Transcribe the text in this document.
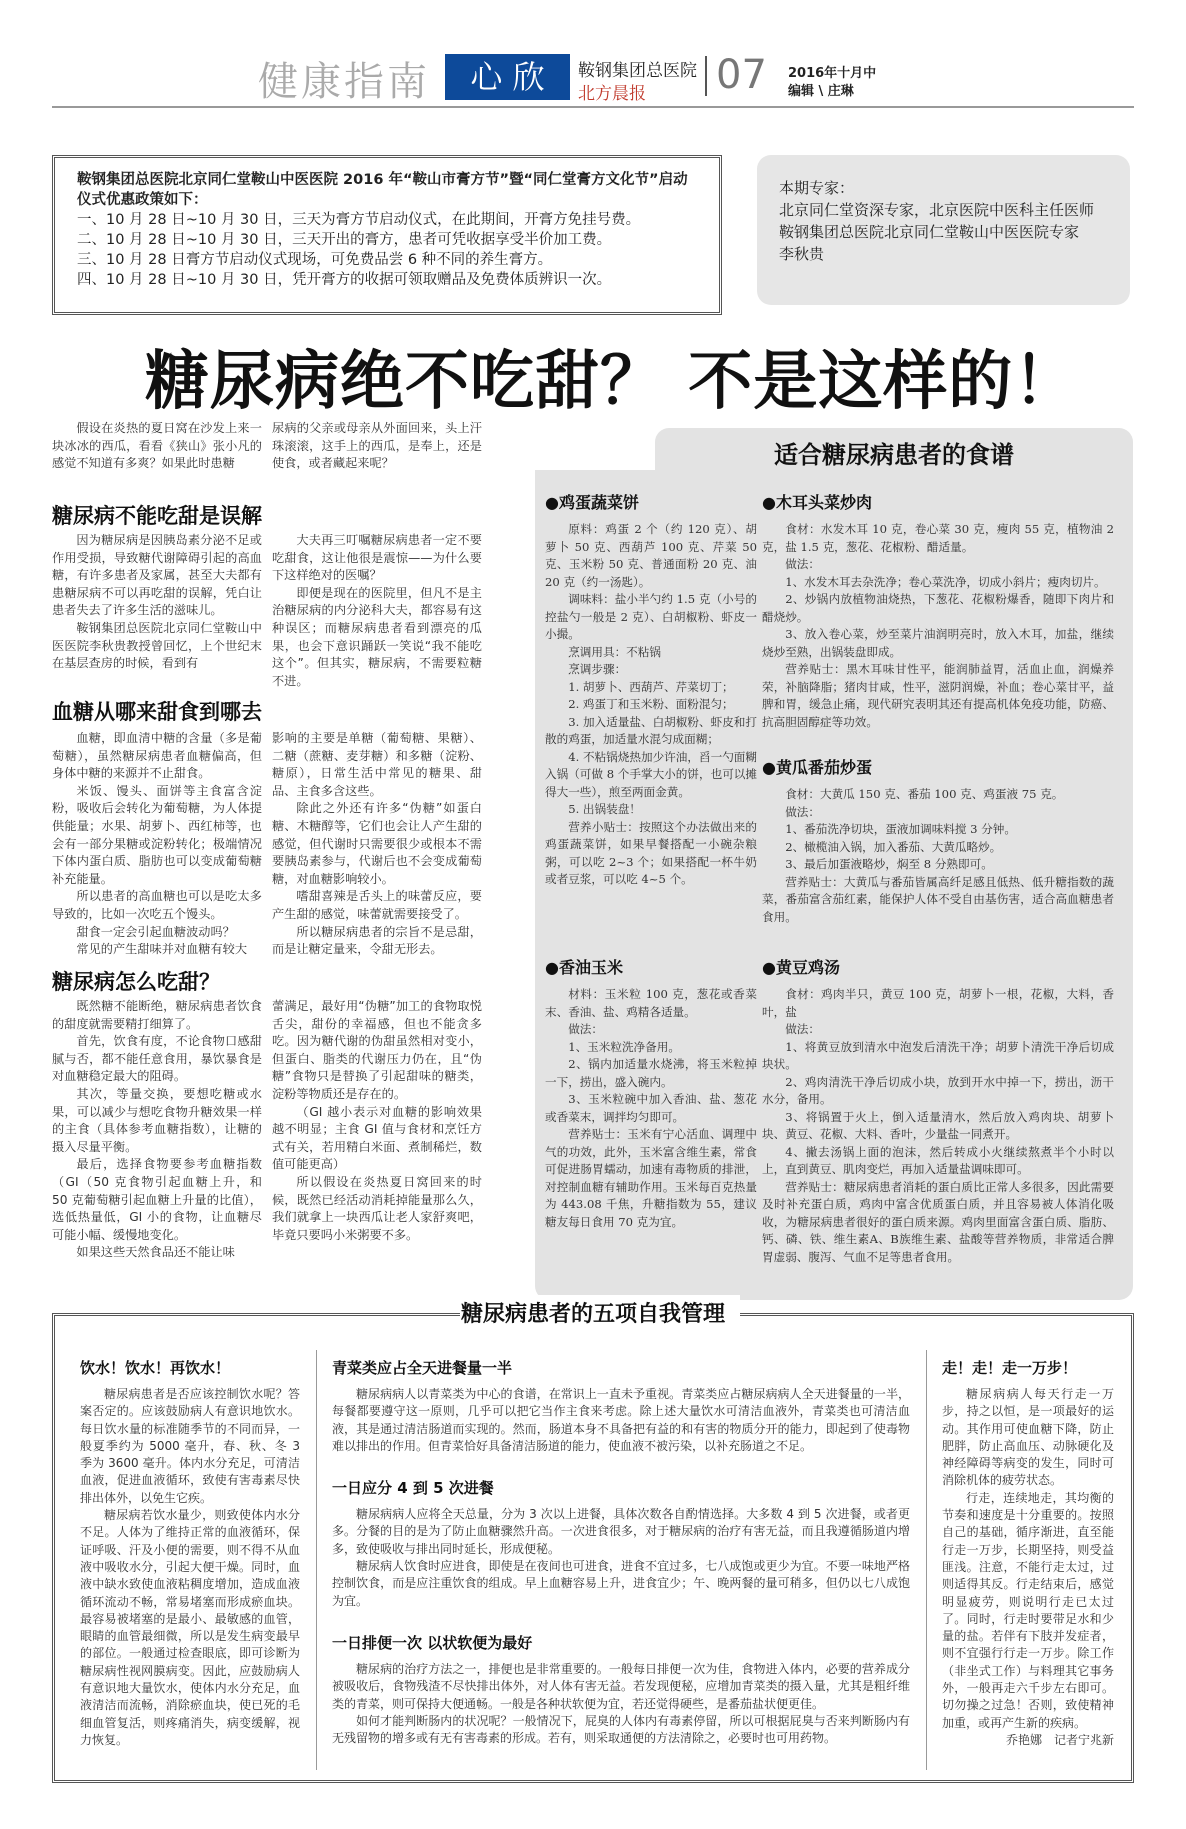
健康指南	心 欣	鞍钢集团总医院
北方晨报 07 2016年十月中
编辑 \ 庄琳
鞍钢集团总医院北京同仁堂鞍山中医医院 2016 年“鞍山市膏方节”暨“同仁堂膏方文化节”启动仪式优惠政策如下：
一、10 月 28 日~10 月 30 日，三天为膏方节启动仪式，在此期间，开膏方免挂号费。
二、10 月 28 日~10 月 30 日，三天开出的膏方，患者可凭收据享受半价加工费。
三、10 月 28 日膏方节启动仪式现场，可免费品尝 6 种不同的养生膏方。
四、10 月 28 日~10 月 30 日，凭开膏方的收据可领取赠品及免费体质辨识一次。
本期专家：
北京同仁堂资深专家，北京医院中医科主任医师
鞍钢集团总医院北京同仁堂鞍山中医医院专家
李秋贵
糖尿病绝不吃甜？ 不是这样的！

假设在炎热的夏日窝在沙发上来一块冰冰的西瓜，看看《狭山》张小凡的感觉不知道有多爽？如果此时患糖

尿病的父亲或母亲从外面回来，头上汗珠滚滚，这手上的西瓜，是奉上，还是使食，或者藏起来呢？

糖尿病不能吃甜是误解

因为糖尿病是因胰岛素分泌不足或作用受损，导致糖代谢障碍引起的高血糖，有许多患者及家属，甚至大夫都有患糖尿病不可以再吃甜的误解，凭白让患者失去了许多生活的滋味儿。

鞍钢集团总医院北京同仁堂鞍山中医医院李秋贵教授曾回忆，上个世纪末在基层查房的时候，看到有

大夫再三叮嘱糖尿病患者一定不要吃甜食，这让他很是震惊——为什么要下这样绝对的医嘱？

即便是现在的医院里，但凡不是主治糖尿病的内分泌科大夫，都容易有这种误区；而糖尿病患者看到漂亮的瓜果，也会下意识踊跃一笑说“我不能吃这个”。但其实，糖尿病，不需要粒糖不进。

血糖从哪来甜食到哪去

血糖，即血清中糖的含量（多是葡萄糖），虽然糖尿病患者血糖偏高，但身体中糖的来源并不止甜食。

米饭、馒头、面饼等主食富含淀粉，吸收后会转化为葡萄糖，为人体提供能量；水果、胡萝卜、西红柿等，也会有一部分果糖或淀粉转化；极端情况下体内蛋白质、脂肪也可以变成葡萄糖补充能量。

所以患者的高血糖也可以是吃太多导致的，比如一次吃五个馒头。

甜食一定会引起血糖波动吗？

常见的产生甜味并对血糖有较大

影响的主要是单糖（葡萄糖、果糖）、二糖（蔗糖、麦芽糖）和多糖（淀粉、糖原），日常生活中常见的糖果、甜品、主食多含这些。

除此之外还有许多“伪糖”如蛋白糖、木糖醇等，它们也会让人产生甜的感觉，但代谢时只需要很少或根本不需要胰岛素参与，代谢后也不会变成葡萄糖，对血糖影响较小。

嗜甜喜辣是舌头上的味蕾反应，要产生甜的感觉，味蕾就需要接受了。

所以糖尿病患者的宗旨不是忌甜，而是让糖定量来，令甜无形去。

糖尿病怎么吃甜？

既然糖不能断绝，糖尿病患者饮食的甜度就需要精打细算了。

首先，饮食有度，不论食物口感甜腻与否，都不能任意食用，暴饮暴食是对血糖稳定最大的阻碍。

其次，等量交换，要想吃糖或水果，可以减少与想吃食物升糖效果一样的主食（具体参考血糖指数），让糖的摄入尽量平衡。

最后，选择食物要参考血糖指数（GI（50 克食物引起血糖上升，和 50 克葡萄糖引起血糖上升量的比值），选低热量低，GI 小的食物，让血糖尽可能小幅、缓慢地变化。

如果这些天然食品还不能让味

蕾满足，最好用“伪糖”加工的食物取悦舌尖，甜份的幸福感，但也不能贪多吃。因为糖代谢的伪甜虽然相对变小，但蛋白、脂类的代谢压力仍在，且“伪糖”食物只是替换了引起甜味的糖类，淀粉等物质还是存在的。

（GI 越小表示对血糖的影响效果越不明显；主食 GI 值与食材和烹饪方式有关，若用精白米面、煮制稀烂，数值可能更高）

所以假设在炎热夏日窝回来的时候，既然已经活动消耗掉能量那么久，我们就拿上一块西瓜让老人家舒爽吧，毕竟只要吗小米粥要不多。

适合糖尿病患者的食谱
●鸡蛋蔬菜饼

原料：鸡蛋 2 个（约 120 克）、胡萝卜 50 克、西葫芦 100 克、芹菜 50 克、玉米粉 50 克、普通面粉 20 克、油 20 克（约一汤匙）。

调味料：盐小半勺约 1.5 克（小号的控盐勺一般是 2 克）、白胡椒粉、虾皮一小撮。

烹调用具：不粘锅

烹调步骤：

1. 胡萝卜、西葫芦、芹菜切丁；

2. 鸡蛋丁和玉米粉、面粉混匀；

3. 加入适量盐、白胡椒粉、虾皮和打散的鸡蛋，加适量水混匀成面糊；

4. 不粘锅烧热加少许油，舀一勺面糊入锅（可做 8 个手掌大小的饼，也可以摊得大一些），煎至两面金黄。

5. 出锅装盘！

营养小贴士：按照这个办法做出来的鸡蛋蔬菜饼，如果早餐搭配一小碗杂粮粥，可以吃 2~3 个；如果搭配一杯牛奶或者豆浆，可以吃 4~5 个。

●木耳头菜炒肉

食材：水发木耳 10 克，卷心菜 30 克，瘦肉 55 克，植物油 2 克，盐 1.5 克，葱花、花椒粉、醋适量。

做法：

1、水发木耳去杂洗净；卷心菜洗净，切成小斜片；瘦肉切片。

2、炒锅内放植物油烧热，下葱花、花椒粉爆香，随即下肉片和醋烧炒。

3、放入卷心菜，炒至菜片油润明亮时，放入木耳，加盐，继续烧炒至熟，出锅装盘即成。

营养贴士：黑木耳味甘性平，能润肺益胃，活血止血，润燥养荣，补脑降脂；猪肉甘咸，性平，滋阴润燥，补血；卷心菜甘平，益脾和胃，缓急止痛，现代研究表明其还有提高机体免疫功能，防癌、抗高胆固醇症等功效。

●黄瓜番茄炒蛋

食材：大黄瓜 150 克、番茄 100 克、鸡蛋液 75 克。

做法：

1、番茄洗净切块，蛋液加调味料搅 3 分钟。

2、橄榄油入锅，加入番茄、大黄瓜略炒。

3、最后加蛋液略炒，焖至 8 分熟即可。

营养贴士：大黄瓜与番茄皆属高纤足感且低热、低升糖指数的蔬菜，番茄富含茄红素，能保护人体不受自由基伤害，适合高血糖患者食用。

●香油玉米

材料：玉米粒 100 克，葱花或香菜末、香油、盐、鸡精各适量。

做法：

1、玉米粒洗净备用。

2、锅内加适量水烧沸，将玉米粒掉一下，捞出，盛入碗内。

3、玉米粒碗中加入香油、盐、葱花或香菜末，调拌均匀即可。

营养贴士：玉米有宁心活血、调理中气的功效，此外，玉米富含维生素，常食可促进肠胃蠕动，加速有毒物质的排泄，对控制血糖有辅助作用。玉米每百克热量为 443.08 千焦，升糖指数为 55，建议糖友每日食用 70 克为宜。

●黄豆鸡汤

食材：鸡肉半只，黄豆 100 克，胡萝卜一根，花椒，大料，香叶，盐

做法：

1、将黄豆放到清水中泡发后清洗干净；胡萝卜清洗干净后切成块状。

2、鸡肉清洗干净后切成小块，放到开水中掉一下，捞出，沥干水分，备用。

3、将锅置于火上，倒入适量清水，然后放入鸡肉块、胡萝卜块、黄豆、花椒、大料、香叶，少量盐一同煮开。

4、撇去汤锅上面的泡沫，然后转成小火继续熬煮半个小时以上，直到黄豆、肌肉变烂，再加入适量盐调味即可。

营养贴士：糖尿病患者消耗的蛋白质比正常人多很多，因此需要及时补充蛋白质，鸡肉中富含优质蛋白质，并且容易被人体消化吸收，为糖尿病患者很好的蛋白质来源。鸡肉里面富含蛋白质、脂肪、钙、磷、铁、维生素A、B族维生素、盐酸等营养物质，非常适合脾胃虚弱、腹泻、气血不足等患者食用。

糖尿病患者的五项自我管理
饮水！饮水！再饮水！

糖尿病患者是否应该控制饮水呢？答案否定的。应该鼓励病人有意识地饮水。每日饮水量的标准随季节的不同而异，一般夏季约为 5000 毫升，春、秋、冬 3 季为 3600 毫升。体内水分充足，可清洁血液，促进血液循环，致使有害毒素尽快排出体外，以免生它疾。

糖尿病若饮水量少，则致使体内水分不足。人体为了维持正常的血液循环，保证呼吸、汗及小便的需要，则不得不从血液中吸收水分，引起大便干燥。同时，血液中缺水致使血液粘稠度增加，造成血液循环流动不畅，常易堵塞而形成瘀血块。最容易被堵塞的是最小、最敏感的血管，眼睛的血管最细微，所以是发生病变最早的部位。一般通过检查眼底，即可诊断为糖尿病性视网膜病变。因此，应鼓励病人有意识地大量饮水，使体内水分充足，血液清洁而流畅，消除瘀血块，使已死的毛细血管复活，则疼痛消失，病变缓解，视力恢复。

青菜类应占全天进餐量一半

糖尿病病人以青菜类为中心的食谱，在常识上一直未予重视。青菜类应占糖尿病病人全天进餐量的一半，每餐都要遵守这一原则，几乎可以把它当作主食来考虑。除上述大量饮水可清洁血液外，青菜类也可清洁血液，其是通过清洁肠道而实现的。然而，肠道本身不具备把有益的和有害的物质分开的能力，即起到了使毒物难以排出的作用。但青菜恰好具备清洁肠道的能力，使血液不被污染，以补充肠道之不足。

一日应分 4 到 5 次进餐

糖尿病病人应将全天总量，分为 3 次以上进餐，具体次数各自酌情选择。大多数 4 到 5 次进餐，或者更多。分餐的目的是为了防止血糖骤然升高。一次进食很多，对于糖尿病的治疗有害无益，而且我遵循肠道内增多，致使吸收与排出同时延长，形成便秘。

糖尿病人饮食时应进食，即使是在夜间也可进食，进食不宜过多，七八成饱或更少为宜。不要一味地严格控制饮食，而是应注重饮食的组成。早上血糖容易上升，进食宜少；午、晚两餐的量可稍多，但仍以七八成饱为宜。

一日排便一次 以状软便为最好

糖尿病的治疗方法之一，排便也是非常重要的。一般每日排便一次为佳，食物进入体内，必要的营养成分被吸收后，食物残渣不尽快排出体外，对人体有害无益。若发现便秘，应增加青菜类的摄入量，尤其是粗纤维类的青菜，则可保持大便通畅。一般是各种状软便为宜，若还觉得硬些，是番茄盐状便更佳。

如何才能判断肠内的状况呢？一般情况下，屁臭的人体内有毒素停留，所以可根据屁臭与否来判断肠内有无残留物的增多或有无有害毒素的形成。若有，则采取通便的方法清除之，必要时也可用药物。

走！走！走一万步！

糖尿病病人每天行走一万步，持之以恒，是一项最好的运动。其作用可使血糖下降，防止肥胖，防止高血压、动脉硬化及神经障碍等病变的发生，同时可消除机体的疲劳状态。

行走，连续地走，其均衡的节奏和速度是十分重要的。按照自己的基础，循序渐进，直至能行走一万步，长期坚持，则受益匪浅。注意，不能行走太过，过则适得其反。行走结束后，感觉明显疲劳，则说明行走已太过了。同时，行走时要带足水和少量的盐。若伴有下肢并发症者，则不宜强行行走一万步。除工作（非坐式工作）与料理其它事务外，一般再走六千步左右即可。切勿操之过急！否则，致使精神加重，或再产生新的疾病。

乔艳娜　记者宁兆新
